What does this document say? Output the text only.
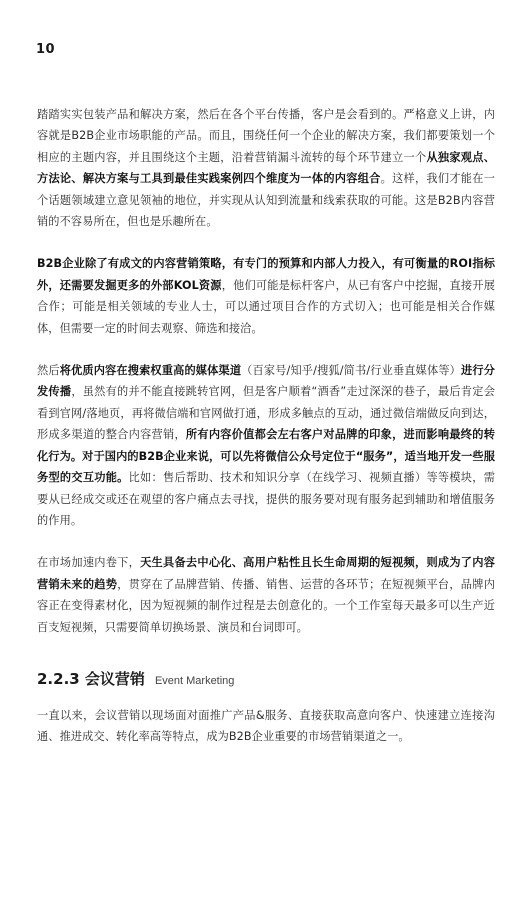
10

踏踏实实包装产品和解决方案，然后在各个平台传播，客户是会看到的。严格意义上讲，内容就是B2B企业市场职能的产品。而且，围绕任何一个企业的解决方案，我们都要策划一个相应的主题内容，并且围绕这个主题，沿着营销漏斗流转的每个环节建立一个从独家观点、方法论、解决方案与工具到最佳实践案例四个维度为一体的内容组合。这样，我们才能在一个话题领域建立意见领袖的地位，并实现从认知到流量和线索获取的可能。这是B2B内容营销的不容易所在，但也是乐趣所在。

B2B企业除了有成文的内容营销策略，有专门的预算和内部人力投入，有可衡量的ROI指标外，还需要发掘更多的外部KOL资源，他们可能是标杆客户，从已有客户中挖掘，直接开展合作；可能是相关领域的专业人士，可以通过项目合作的方式切入；也可能是相关合作媒体，但需要一定的时间去观察、筛选和接洽。

然后将优质内容在搜索权重高的媒体渠道（百家号/知乎/搜狐/简书/行业垂直媒体等）进行分发传播，虽然有的并不能直接跳转官网，但是客户顺着“酒香”走过深深的巷子，最后肯定会看到官网/落地页，再将微信端和官网做打通，形成多触点的互动，通过微信端做反向到达，形成多渠道的整合内容营销，所有内容价值都会左右客户对品牌的印象，进而影响最终的转化行为。对于国内的B2B企业来说，可以先将微信公众号定位于“服务”，适当地开发一些服务型的交互功能。比如：售后帮助、技术和知识分享（在线学习、视频直播）等等模块，需要从已经成交或还在观望的客户痛点去寻找，提供的服务要对现有服务起到辅助和增值服务的作用。

在市场加速内卷下，天生具备去中心化、高用户粘性且长生命周期的短视频，则成为了内容营销未来的趋势，贯穿在了品牌营销、传播、销售、运营的各环节；在短视频平台，品牌内容正在变得素材化，因为短视频的制作过程是去创意化的。一个工作室每天最多可以生产近百支短视频，只需要简单切换场景、演员和台词即可。

2.2.3 会议营销 Event Marketing

一直以来，会议营销以现场面对面推广产品&服务、直接获取高意向客户、快速建立连接沟通、推进成交、转化率高等特点，成为B2B企业重要的市场营销渠道之一。
